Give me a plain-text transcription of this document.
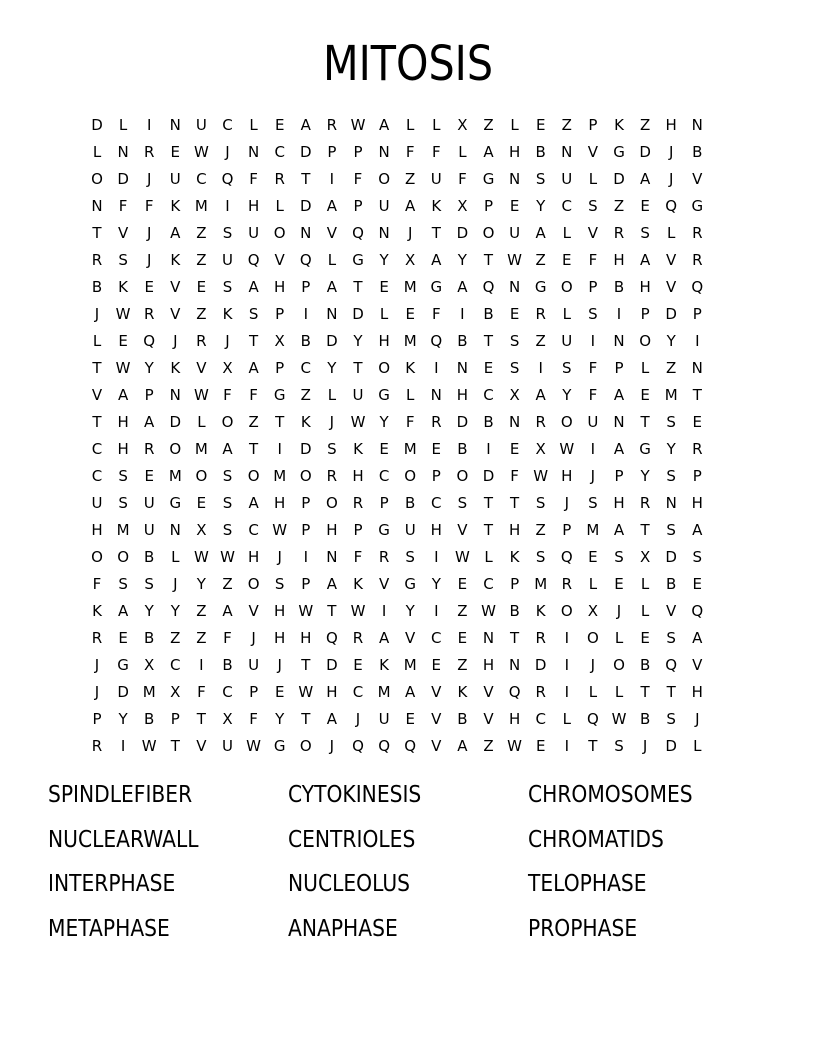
MITOSIS
D	L	I	N U	C	L	E	A	R W A	L	L	X	Z	L	E	Z	P	K	Z	H N
L	N	R	E W	J	N	C	D	P	P	N	F	F	L	A	H	B	N	V	G D	J	B
O D	J	U	C Q	F	R	T	I	F	O	Z	U	F	G N	S	U	L	D	A	J	V
N	F	F	K M	I	H	L	D	A	P	U	A	K	X	P	E	Y	C	S	Z	E	Q G
T	V	J	A	Z	S	U O N	V	Q N	J	T	D O U	A	L	V	R	S	L	R
R	S	J	K	Z	U Q	V	Q	L	G	Y	X	A	Y	T W Z	E	F	H	A	V	R
B	K	E	V	E	S	A	H	P	A	T	E M G	A	Q N G O	P	B	H	V	Q
J	W R	V	Z	K	S	P	I	N D	L	E	F	I	B	E	R	L	S	I	P	D	P
L	E	Q	J	R	J	T	X	B	D	Y	H M Q	B	T	S	Z	U	I	N O	Y	I
T W Y	K	V	X	A	P	C	Y	T	O	K	I	N	E	S	I	S	F	P	L	Z	N
V	A	P	N W F	F	G	Z	L	U G	L	N H	C	X	A	Y	F	A	E M	T
T	H	A	D	L	O	Z	T	K	J	W Y	F	R	D	B	N	R O U	N	T	S	E
C	H	R O M A	T	I	D	S	K	E M E	B	I	E	X W	I	A	G	Y	R
C	S	E M O	S	O M O R	H	C O	P	O D	F W H	J	P	Y	S	P
U	S	U G	E	S	A	H	P	O R	P	B	C	S	T	T	S	J	S	H	R	N H
H M U	N	X	S	C W P	H	P	G U H	V	T	H	Z	P	M A	T	S	A
O O	B	L W W H	J	I	N	F	R	S	I	W L	K	S	Q	E	S	X	D	S
F	S	S	J	Y	Z	O	S	P	A	K	V	G	Y	E	C	P	M R	L	E	L	B	E
K	A	Y	Y	Z	A	V	H W T W	I	Y	I	Z W B	K	O	X	J	L	V	Q
R	E	B	Z	Z	F	J	H H Q R	A	V	C	E	N	T	R	I	O	L	E	S	A
J	G	X	C	I	B	U	J	T	D	E	K M E	Z	H N D	I	J	O	B	Q	V
J	D M X	F	C	P	E W H	C M A	V	K	V	Q R	I	L	L	T	T	H
P	Y	B	P	T	X	F	Y	T	A	J	U	E	V	B	V	H	C	L	Q W B	S	J
R	I	W T	V	U W G O	J	Q Q Q	V	A	Z W E	I	T	S	J	D	L
SPINDLEFIBER	CYTOKINESIS	CHROMOSOMES
NUCLEARWALL	CENTRIOLES	CHROMATIDS
INTERPHASE	NUCLEOLUS	TELOPHASE
METAPHASE	ANAPHASE	PROPHASE
